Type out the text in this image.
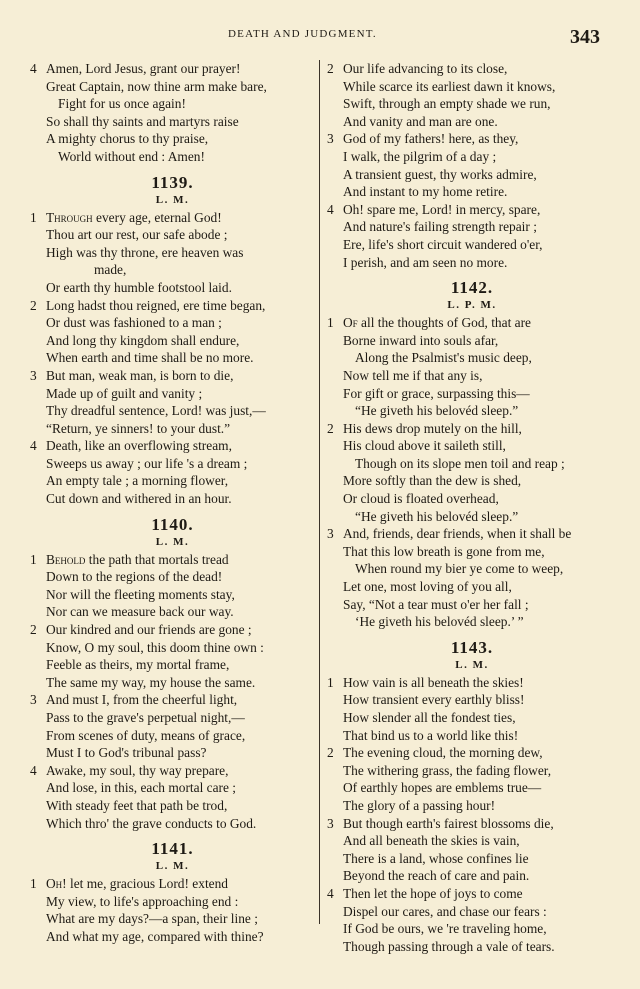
DEATH AND JUDGMENT.	343
4 Amen, Lord Jesus, grant our prayer!
Great Captain, now thine arm make bare,
Fight for us once again!
So shall thy saints and martyrs raise
A mighty chorus to thy praise,
World without end : Amen!
1139.
L. M.
1 Through every age, eternal God!
Thou art our rest, our safe abode ;
High was thy throne, ere heaven was
made,
Or earth thy humble footstool laid.
2 Long hadst thou reigned, ere time began,
Or dust was fashioned to a man ;
And long thy kingdom shall endure,
When earth and time shall be no more.
3 But man, weak man, is born to die,
Made up of guilt and vanity ;
Thy dreadful sentence, Lord! was just,—
“Return, ye sinners! to your dust.”
4 Death, like an overflowing stream,
Sweeps us away ; our life 's a dream ;
An empty tale ; a morning flower,
Cut down and withered in an hour.
1140.
L. M.
1 Behold the path that mortals tread
Down to the regions of the dead!
Nor will the fleeting moments stay,
Nor can we measure back our way.
2 Our kindred and our friends are gone ;
Know, O my soul, this doom thine own :
Feeble as theirs, my mortal frame,
The same my way, my house the same.
3 And must I, from the cheerful light,
Pass to the grave's perpetual night,—
From scenes of duty, means of grace,
Must I to God's tribunal pass?
4 Awake, my soul, thy way prepare,
And lose, in this, each mortal care ;
With steady feet that path be trod,
Which thro' the grave conducts to God.
1141.
L. M.
1 Oh! let me, gracious Lord! extend
My view, to life's approaching end :
What are my days?—a span, their line ;
And what my age, compared with thine?
2 Our life advancing to its close,
While scarce its earliest dawn it knows,
Swift, through an empty shade we run,
And vanity and man are one.
3 God of my fathers! here, as they,
I walk, the pilgrim of a day ;
A transient guest, thy works admire,
And instant to my home retire.
4 Oh! spare me, Lord! in mercy, spare,
And nature's failing strength repair ;
Ere, life's short circuit wandered o'er,
I perish, and am seen no more.
1142.
L. P. M.
1 Of all the thoughts of God, that are
Borne inward into souls afar,
Along the Psalmist's music deep,
Now tell me if that any is,
For gift or grace, surpassing this—
“He giveth his belovéd sleep.”
2 His dews drop mutely on the hill,
His cloud above it saileth still,
Though on its slope men toil and reap ;
More softly than the dew is shed,
Or cloud is floated overhead,
“He giveth his belovéd sleep.”
3 And, friends, dear friends, when it shall be
That this low breath is gone from me,
When round my bier ye come to weep,
Let one, most loving of you all,
Say, “Not a tear must o'er her fall ;
‘He giveth his belovéd sleep.’ ”
1143.
L. M.
1 How vain is all beneath the skies!
How transient every earthly bliss!
How slender all the fondest ties,
That bind us to a world like this!
2 The evening cloud, the morning dew,
The withering grass, the fading flower,
Of earthly hopes are emblems true—
The glory of a passing hour!
3 But though earth's fairest blossoms die,
And all beneath the skies is vain,
There is a land, whose confines lie
Beyond the reach of care and pain.
4 Then let the hope of joys to come
Dispel our cares, and chase our fears :
If God be ours, we 're traveling home,
Though passing through a vale of tears.
